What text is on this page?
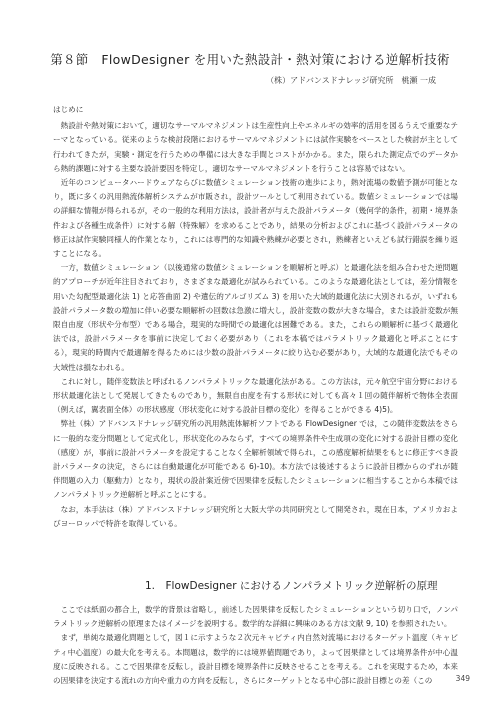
第８節　FlowDesigner を用いた熱設計・熱対策における逆解析技術
（株）アドバンスドナレッジ研究所　桃瀬 一成

はじめに

熱設計や熱対策において，適切なサーマルマネジメントは生産性向上やエネルギの効率的活用を図るうえで重要なテーマとなっている。従来のような検討段階におけるサーマルマネジメントには試作実験をベースとした検討が主として行われてきたが，実験・測定を行うための準備には大きな手間とコストがかかる。また，限られた測定点でのデータから熱的課題に対する主要な設計要因を特定し，適切なサーマルマネジメントを行うことは容易ではない。

近年のコンピュータハードウェアならびに数値シミュレーション技術の進歩により，熱対流場の数値予測が可能となり，既に多くの汎用熱流体解析システムが市販され，設計ツールとして利用されている。数値シミュレーションでは場の詳細な情報が得られるが，その一般的な利用方法は，設計者が与えた設計パラメータ（幾何学的条件，初期・境界条件および各種生成条件）に対する解（特殊解）を求めることであり，結果の分析およびこれに基づく設計パラメータの修正は試作実験同様人的作業となり，これには専門的な知識や熟練が必要とされ，熟練者といえども試行錯誤を繰り返すことになる。

一方，数値シミュレーション（以後通常の数値シミュレーションを順解析と呼ぶ）と最適化法を組み合わせた逆問題的アプローチが近年注目されており，さまざまな最適化が試みられている。このような最適化法としては，差分情報を用いた勾配型最適化法 1) と応答曲面 2) や遺伝的アルゴリズム 3) を用いた大域的最適化法に大別されるが，いずれも設計パラメータ数の増加に伴い必要な順解析の回数は急激に増大し，設計変数の数が大きな場合，または設計変数が無限自由度（形状や分布型）である場合，現実的な時間での最適化は困難である。また，これらの順解析に基づく最適化法では，設計パラメータを事前に決定しておく必要があり（これを本稿ではパラメトリック最適化と呼ぶことにする），現実的時間内で最適解を得るためには少数の設計パラメータに絞り込む必要があり，大域的な最適化法でもその大域性は損なわれる。

これに対し，随伴変数法と呼ばれるノンパラメトリックな最適化法がある。この方法は，元々航空宇宙分野における形状最適化法として発展してきたものであり，無限自由度を有する形状に対しても高々１回の随伴解析で物体全表面（例えば，翼表面全体）の形状感度（形状変化に対する設計目標の変化）を得ることができる 4)5)。

弊社（株）アドバンスドナレッジ研究所の汎用熱流体解析ソフトである FlowDesigner では，この随伴変数法をさらに一般的な変分問題として定式化し，形状変化のみならず，すべての境界条件や生成項の変化に対する設計目標の変化（感度）が，事前に設計パラメータを設定することなく全解析領域で得られ，この感度解析結果をもとに修正すべき設計パラメータの決定，さらには自動最適化が可能である 6)-10)。本方法では後述するように設計目標からのずれが随伴問題の入力（駆動力）となり，現状の設計案近傍で因果律を反転したシミュレーションに相当することから本稿ではノンパラメトリック逆解析と呼ぶことにする。

なお，本手法は（株）アドバンスドナレッジ研究所と大阪大学の共同研究として開発され，現在日本，アメリカおよびヨーロッパで特許を取得している。

1.　FlowDesigner におけるノンパラメトリック逆解析の原理

ここでは紙面の都合上，数学的背景は省略し，前述した因果律を反転したシミュレーションという切り口で，ノンパラメトリック逆解析の原理またはイメージを説明する。数学的な詳細に興味のある方は文献 9, 10) を参照されたい。

まず，単純な最適化問題として，図１に示すような２次元キャビティ内自然対流場におけるターゲット温度（キャビティ中心温度）の最大化を考える。本問題は，数学的には境界値問題であり，よって因果律としては境界条件が中心温度に反映される。ここで因果律を反転し，設計目標を境界条件に反映させることを考える。これを実現するため，本来の因果律を決定する流れの方向や重力の方向を反転し，さらにターゲットとなる中心部に設計目標との差（この	349
